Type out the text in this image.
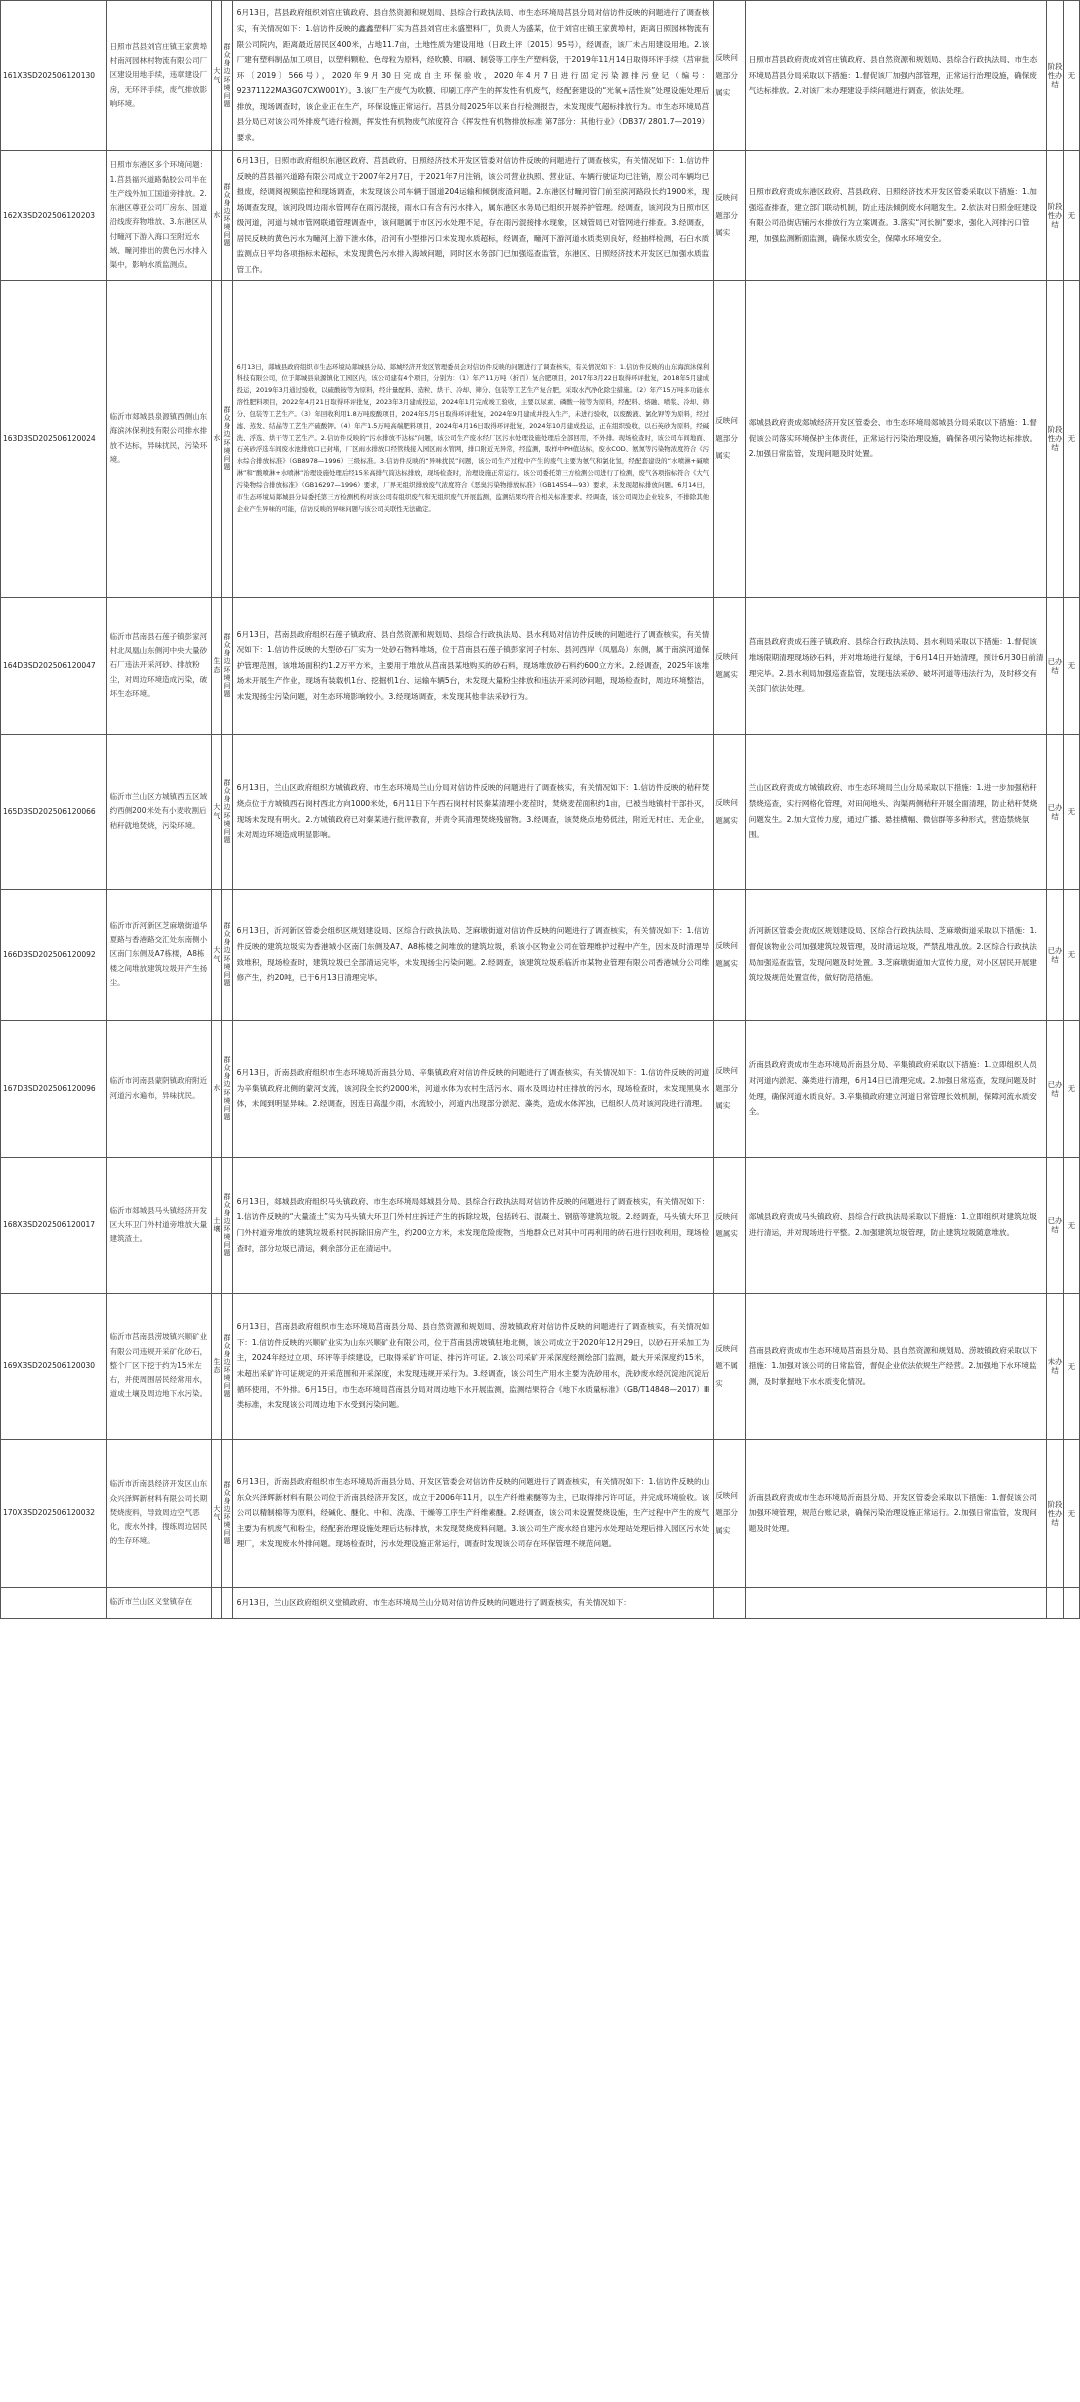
161X3SD202506120130	日照市莒县刘官庄镇王家黄埠村南河园林村物流有限公司厂区建设用地手续，违章建设厂房，无环评手续，废气排放影响环境。	大气	群众身边环境问题	6月13日，莒县政府组织刘官庄镇政府、县自然资源和规划局、县综合行政执法局、市生态环境局莒县分局对信访件反映的问题进行了调查核实，有关情况如下：1.信访件反映的鑫鑫塑料厂实为莒县刘官庄永盛塑料厂，负责人为盛某，位于刘官庄镇王家黄埠村，距离日照园林物流有限公司院内，距离最近居民区400米，占地11.7亩，土地性质为建设用地（日政土评〔2015〕95号），经调查，该厂未占用建设用地。2.该厂建有塑料制品加工项目，以塑料颗粒、色母粒为原料，经吹膜、印刷、制袋等工序生产塑料袋，于2019年11月14日取得环评手续（莒审批环〔2019〕566号），2020年9月30日完成自主环保验收，2020年4月7日进行固定污染源排污登记（编号：92371122MA3G07CXW001Y）。3.该厂生产废气为吹膜、印刷工序产生的挥发性有机废气，经配套建设的“光氧+活性炭”处理设施处理后排放，现场调查时，该企业正在生产，环保设施正常运行。莒县分局2025年以来自行检测报告，未发现废气超标排放行为。市生态环境局莒县分局已对该公司外排废气进行检测，挥发性有机物废气浓度符合《挥发性有机物排放标准 第7部分：其他行业》（DB37/ 2801.7—2019）要求。	反映问题部分属实	日照市莒县政府责成刘官庄镇政府、县自然资源和规划局、县综合行政执法局、市生态环境局莒县分局采取以下措施：1.督促该厂加强内部管理，正常运行治理设施，确保废气达标排放。2.对该厂未办理建设手续问题进行调查，依法处理。	阶段性办结	无

162X3SD202506120203	日照市东港区多个环境问题：1.莒县福兴道路黏胶公司半在生产线外加工国道旁排放。2.东港区尊亚公司厂房东、国道沿线废弃物堆放、3.东港区从付疃河下游入海口至附近水域、疃河排出的黄色污水排入渠中，影响水质监测点。	水	群众身边环境问题	6月13日，日照市政府组织东港区政府、莒县政府、日照经济技术开发区管委对信访件反映的问题进行了调查核实，有关情况如下：1.信访件反映的莒县福兴道路有限公司成立于2007年2月7日，于2021年7月注销，该公司营业执照、营业证、车辆行驶证均已注销，原公司车辆均已报废，经调阅视频监控和现场调查，未发现该公司车辆于国道204运输和倾倒废渣问题。2.东港区付疃河管门前至滨河路段长约1900米，现场调查发现，该河段周边雨水管网存在雨污混接，雨水口有含有污水排入，属东港区水务局已组织开展养护管理。经调查，该河段为日照市区级河道，河道与城市管网联通管理调查中，该问题属于市区污水处理不足，存在雨污混接排水现象，区城管局已对管网进行排查。3.经调查，居民反映的黄色污水为疃河上游下泄水体，沿河有小型排污口未发现水质超标，经调查，疃河下游河道水质类别良好，经抽样检测，石臼水质监测点日平均各项指标未超标，未发现黄色污水排入海域问题，同时区水务部门已加强巡查监管，东港区、日照经济技术开发区已加强水质监管工作。	反映问题部分属实	日照市政府责成东港区政府、莒县政府、日照经济技术开发区管委采取以下措施：1.加强巡查排查，建立部门联动机制，防止违法倾倒废水问题发生。2.依法对日照金旺建设有限公司沿街店铺污水排放行为立案调查。3.落实“河长制”要求，强化入河排污口管理，加强监测断面监测，确保水质安全，保障水环境安全。	阶段性办结	无

163D3SD202506120024	临沂市郯城县泉源镇西侧山东海滨沐保利技有限公司排水排放不达标，异味扰民，污染环境。	水	群众身边环境问题	6月13日，郯城县政府组织市生态环境局郯城县分局、郯城经济开发区管理委员会对信访件反映的问题进行了调查核实，有关情况如下：1.信访件反映的山东海滨沐保利科技有限公司，位于郯城县泉源镇化工园区内，该公司建有4个项目，分别为：（1）年产11万吨（折百）复合肥项目，2017年3月22日取得环评批复，2018年5月建成投运，2019年3月通过验收，以硫酸铵等为原料，经计量配料、造粒、烘干、冷却、筛分、包装等工艺生产复合肥，采取水汽净化除尘措施。（2）年产15万吨多功能水溶性肥料项目，2022年4月21日取得环评批复，2023年3月建成投运，2024年1月完成竣工验收，主要以尿素、磷酸一铵等为原料，经配料、熔融、喷浆、冷却、筛分、包装等工艺生产。（3）年回收利用1.8万吨废酸项目，2024年5月5日取得环评批复，2024年9月建成并投入生产，未进行验收，以废酸液、氯化钾等为原料，经过滤、蒸发、结晶等工艺生产硫酸钾。（4）年产1.5万吨高端肥料项目，2024年4月16日取得环评批复，2024年10月建成投运，正在组织验收，以石英砂为原料，经碱洗、浮选、烘干等工艺生产。2.信访件反映的“污水排放不达标”问题，该公司生产废水经厂区污水处理设施处理后全部回用，不外排。现场检查时，该公司车间地面、石英砂浮选车间废水池排放口已封堵，厂区雨水排放口经管线接入园区雨水管网，排口附近无异常，经监测，取样中PH值达标，废水COD、氨氮等污染物浓度符合《污水综合排放标准》（GB8978—1996）三级标准。3.信访件反映的“异味扰民”问题，该公司生产过程中产生的废气主要为氨气和氯化氢，经配套建设的“水喷淋+碱喷淋”和“酸喷淋+水喷淋”治理设施处理后经15米高排气筒达标排放，现场检查时，治理设施正常运行。该公司委托第三方检测公司进行了检测，废气各项指标符合《大气污染物综合排放标准》（GB16297—1996）要求，厂界无组织排放废气浓度符合《恶臭污染物排放标准》（GB14554—93）要求，未发现超标排放问题。6月14日，市生态环境局郯城县分局委托第三方检测机构对该公司有组织废气和无组织废气开展监测，监测结果均符合相关标准要求。经调查，该公司周边企业较多，不排除其他企业产生异味的可能，信访反映的异味问题与该公司关联性无法确定。	反映问题部分属实	郯城县政府责成郯城经济开发区管委会、市生态环境局郯城县分局采取以下措施：1.督促该公司落实环境保护主体责任，正常运行污染治理设施，确保各项污染物达标排放。2.加强日常监管，发现问题及时处置。	阶段性办结	无

164D3SD202506120047	临沂市莒南县石莲子镇彭家河村北凤凰山东侧河中央大量砂石厂违法开采河砂、排放粉尘，对周边环境造成污染，破坏生态环境。	生态	群众身边环境问题	6月13日，莒南县政府组织石莲子镇政府、县自然资源和规划局、县综合行政执法局、县水利局对信访件反映的问题进行了调查核实，有关情况如下：1.信访件反映的大型砂石厂实为一处砂石物料堆场，位于莒南县石莲子镇彭家河子村东、县河西岸（凤凰岛）东侧，属于南滨河道保护管理范围，该堆场面积约1.2万平方米，主要用于堆放从莒南县某地购买的砂石料，现场堆放砂石料约600立方米。2.经调查，2025年该堆场未开展生产作业，现场有装载机1台、挖掘机1台、运输车辆5台，未发现大量粉尘排放和违法开采河砂问题，现场检查时，周边环境整洁，未发现扬尘污染问题，对生态环境影响较小。3.经现场调查，未发现其他非法采砂行为。	反映问题属实	莒南县政府责成石莲子镇政府、县综合行政执法局、县水利局采取以下措施：1.督促该堆场限期清理现场砂石料，并对堆场进行复绿，于6月14日开始清理，预计6月30日前清理完毕。2.县水利局加强巡查监管，发现违法采砂、破坏河道等违法行为，及时移交有关部门依法处理。	已办结	无

165D3SD202506120066	临沂市兰山区方城镇西五区域约西侧200米处有小麦收割后秸秆就地焚烧，污染环境。	大气	群众身边环境问题	6月13日，兰山区政府组织方城镇政府、市生态环境局兰山分局对信访件反映的问题进行了调查核实，有关情况如下：1.信访件反映的秸秆焚烧点位于方城镇西石岗村西北方向1000米处，6月11日下午西石岗村村民秦某清理小麦茬时，焚烧麦茬面积约1亩，已被当地镇村干部扑灭，现场未发现有明火。2.方城镇政府已对秦某进行批评教育，并责令其清理焚烧残留物。3.经调查，该焚烧点地势低洼，附近无村庄、无企业，未对周边环境造成明显影响。	反映问题属实	兰山区政府责成方城镇政府、市生态环境局兰山分局采取以下措施：1.进一步加强秸秆禁烧巡查，实行网格化管理，对田间地头、沟渠两侧秸秆开展全面清理，防止秸秆焚烧问题发生。2.加大宣传力度，通过广播、悬挂横幅、微信群等多种形式，营造禁烧氛围。	已办结	无

166D3SD202506120092	临沂市沂河新区芝麻墩街道华夏路与香港路交汇处东南侧小区南门东侧及A7栋楼，A8栋楼之间堆放建筑垃圾开产生扬尘。	大气	群众身边环境问题	6月13日，沂河新区管委会组织区规划建设局、区综合行政执法局、芝麻墩街道对信访件反映的问题进行了调查核实，有关情况如下：1.信访件反映的建筑垃圾实为香港城小区南门东侧及A7、A8栋楼之间堆放的建筑垃圾，系该小区物业公司在管理维护过程中产生，因未及时清理导致堆积，现场检查时，建筑垃圾已全部清运完毕，未发现扬尘污染问题。2.经调查，该建筑垃圾系临沂市某物业管理有限公司香港城分公司维修产生，约20吨，已于6月13日清理完毕。	反映问题属实	沂河新区管委会责成区规划建设局、区综合行政执法局、芝麻墩街道采取以下措施：1.督促该物业公司加强建筑垃圾管理，及时清运垃圾，严禁乱堆乱放。2.区综合行政执法局加强巡查监管，发现问题及时处置。3.芝麻墩街道加大宣传力度，对小区居民开展建筑垃圾规范处置宣传，做好防范措施。	已办结	无

167D3SD202506120096	临沂市河南县蒙阴镇政府附近河道污水遍布，异味扰民。	水	群众身边环境问题	6月13日，沂南县政府组织市生态环境局沂南县分局、辛集镇政府对信访件反映的问题进行了调查核实，有关情况如下：1.信访件反映的河道为辛集镇政府北侧的蒙河支流，该河段全长约2000米，河道水体为农村生活污水、雨水及周边村庄排放的污水，现场检查时，未发现黑臭水体，未闻到明显异味。2.经调查，因连日高温少雨，水流较小，河道内出现部分淤泥、藻类，造成水体浑浊，已组织人员对该河段进行清理。	反映问题部分属实	沂南县政府责成市生态环境局沂南县分局、辛集镇政府采取以下措施：1.立即组织人员对河道内淤泥、藻类进行清理，6月14日已清理完成。2.加强日常巡查，发现问题及时处理，确保河道水质良好。3.辛集镇政府建立河道日常管理长效机制，保障河流水质安全。	已办结	无

168X3SD202506120017	临沂市郯城县马头镇经济开发区大环卫门外村道旁堆放大量建筑渣土。	土壤	群众身边环境问题	6月13日，郯城县政府组织马头镇政府、市生态环境局郯城县分局、县综合行政执法局对信访件反映的问题进行了调查核实，有关情况如下：1.信访件反映的“大量渣土”实为马头镇大环卫门外村庄拆迁产生的拆除垃圾，包括砖石、混凝土、钢筋等建筑垃圾。2.经调查，马头镇大环卫门外村道旁堆放的建筑垃圾系村民拆除旧房产生，约200立方米，未发现危险废物，当地群众已对其中可再利用的砖石进行回收利用，现场检查时，部分垃圾已清运，剩余部分正在清运中。	反映问题属实	郯城县政府责成马头镇政府、县综合行政执法局采取以下措施：1.立即组织对建筑垃圾进行清运，并对现场进行平整。2.加强建筑垃圾管理，防止建筑垃圾随意堆放。	已办结	无

169X3SD202506120030	临沂市莒南县涝坡镇兴顺矿业有限公司违规开采矿化砂石，整个厂区下挖于约为15米左右，并使周围居民经常用水，道成土壤及周边地下水污染。	生态	群众身边环境问题	6月13日，莒南县政府组织市生态环境局莒南县分局、县自然资源和规划局、涝坡镇政府对信访件反映的问题进行了调查核实，有关情况如下：1.信访件反映的兴顺矿业实为山东兴顺矿业有限公司，位于莒南县涝坡镇驻地北侧，该公司成立于2020年12月29日，以砂石开采加工为主，2024年经过立项、环评等手续建设，已取得采矿许可证、排污许可证。2.该公司采矿开采深度经测绘部门监测，最大开采深度约15米，未超出采矿许可证规定的开采范围和开采深度，未发现违规开采行为。3.经调查，该公司生产用水主要为洗砂用水，洗砂废水经沉淀池沉淀后循环使用，不外排。6月15日，市生态环境局莒南县分局对周边地下水开展监测，监测结果符合《地下水质量标准》（GB/T14848—2017）Ⅲ类标准，未发现该公司周边地下水受到污染问题。	反映问题不属实	莒南县政府责成市生态环境局莒南县分局、县自然资源和规划局、涝坡镇政府采取以下措施：1.加强对该公司的日常监管，督促企业依法依规生产经营。2.加强地下水环境监测，及时掌握地下水水质变化情况。	未办结	无

170X3SD202506120032	临沂市沂南县经济开发区山东众兴泽辉新材料有限公司长期焚烧废料，导致周边空气恶化，废水外排，搜练周边居民的生存环境。	大气	群众身边环境问题	6月13日，沂南县政府组织市生态环境局沂南县分局、开发区管委会对信访件反映的问题进行了调查核实，有关情况如下：1.信访件反映的山东众兴泽辉新材料有限公司位于沂南县经济开发区，成立于2006年11月，以生产纤维素醚等为主，已取得排污许可证，并完成环境验收。该公司以精制棉等为原料，经碱化、醚化、中和、洗涤、干燥等工序生产纤维素醚。2.经调查，该公司未设置焚烧设施，生产过程中产生的废气主要为有机废气和粉尘，经配套治理设施处理后达标排放，未发现焚烧废料问题。3.该公司生产废水经自建污水处理站处理后排入园区污水处理厂，未发现废水外排问题。现场检查时，污水处理设施正常运行，调查时发现该公司存在环保管理不规范问题。	反映问题部分属实	沂南县政府责成市生态环境局沂南县分局、开发区管委会采取以下措施：1.督促该公司加强环境管理，规范台账记录，确保污染治理设施正常运行。2.加强日常监管，发现问题及时处理。	阶段性办结	无

	临沂市兰山区义堂镇存在			6月13日，兰山区政府组织义堂镇政府、市生态环境局兰山分局对信访件反映的问题进行了调查核实，有关情况如下：				
